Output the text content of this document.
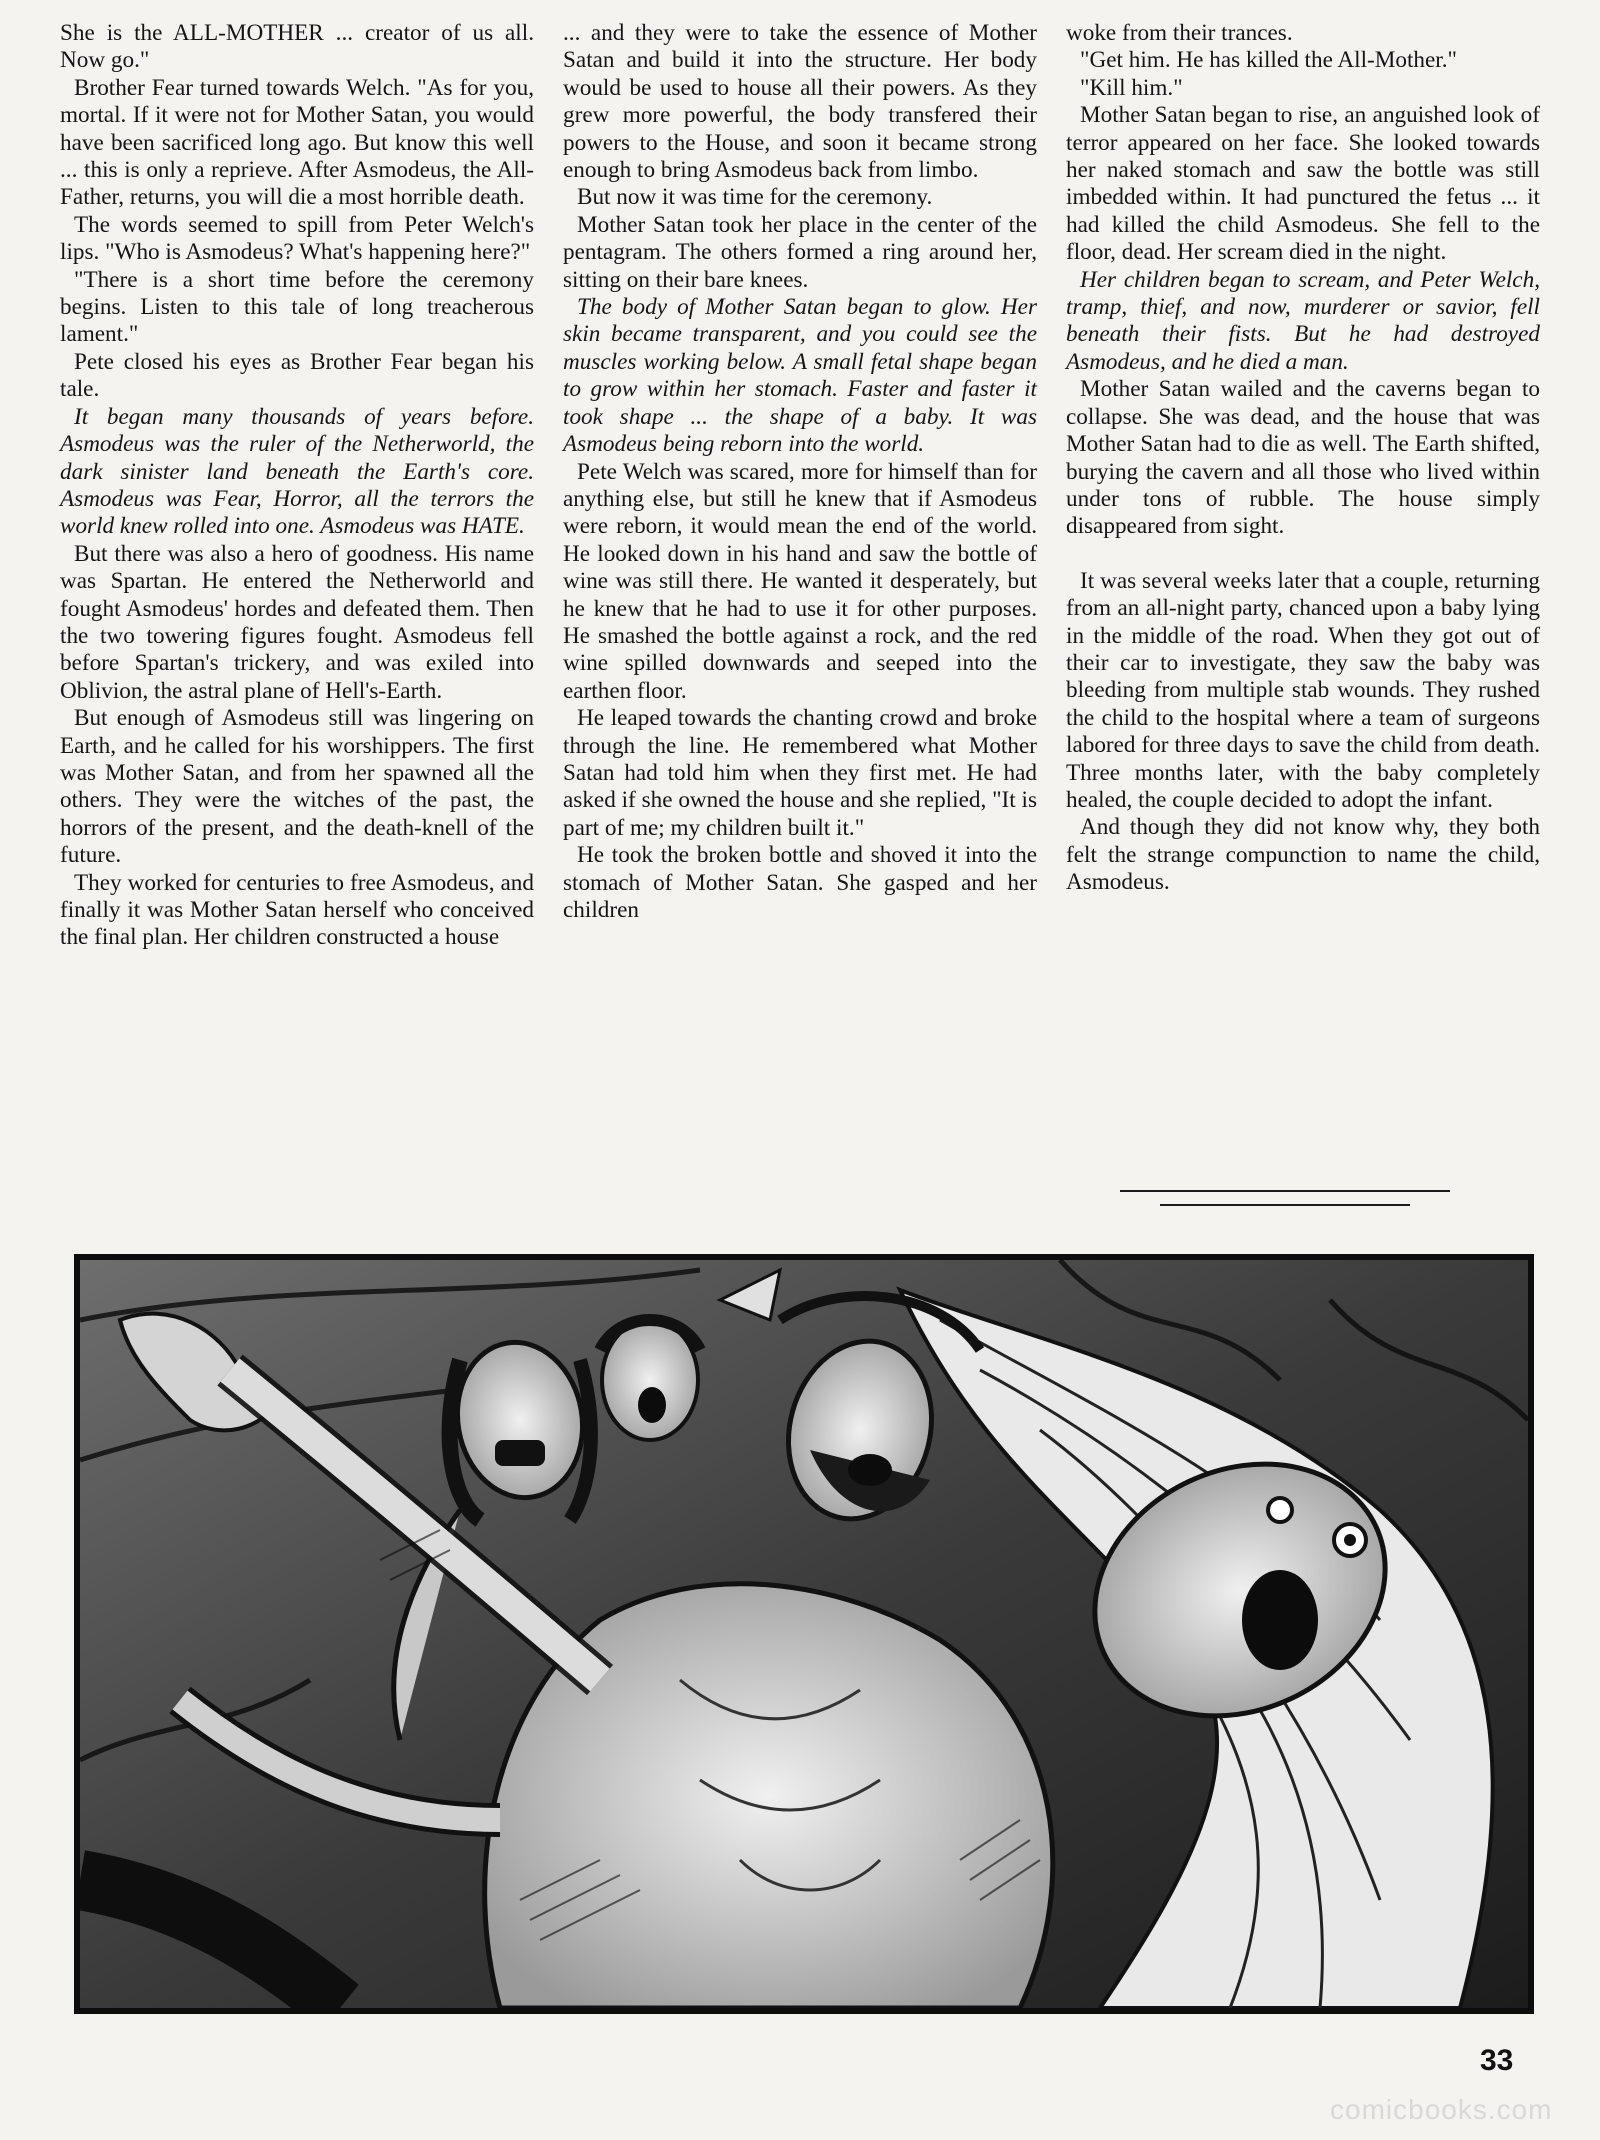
She is the ALL-MOTHER ... creator of us all. Now go."

Brother Fear turned towards Welch. "As for you, mortal. If it were not for Mother Satan, you would have been sacrificed long ago. But know this well ... this is only a reprieve. After Asmodeus, the All-Father, returns, you will die a most horrible death.

The words seemed to spill from Peter Welch's lips. "Who is Asmodeus? What's happening here?"

"There is a short time before the ceremony begins. Listen to this tale of long treacherous lament."

Pete closed his eyes as Brother Fear began his tale.

It began many thousands of years before. Asmodeus was the ruler of the Netherworld, the dark sinister land beneath the Earth's core. Asmodeus was Fear, Horror, all the terrors the world knew rolled into one. Asmodeus was HATE.

But there was also a hero of goodness. His name was Spartan. He entered the Netherworld and fought Asmodeus' hordes and defeated them. Then the two towering figures fought. Asmodeus fell before Spartan's trickery, and was exiled into Oblivion, the astral plane of Hell's-Earth.

But enough of Asmodeus still was lingering on Earth, and he called for his worshippers. The first was Mother Satan, and from her spawned all the others. They were the witches of the past, the horrors of the present, and the death-knell of the future.

They worked for centuries to free Asmodeus, and finally it was Mother Satan herself who conceived the final plan. Her children constructed a house

... and they were to take the essence of Mother Satan and build it into the structure. Her body would be used to house all their powers. As they grew more powerful, the body transfered their powers to the House, and soon it became strong enough to bring Asmodeus back from limbo.

But now it was time for the ceremony.

Mother Satan took her place in the center of the pentagram. The others formed a ring around her, sitting on their bare knees.

The body of Mother Satan began to glow. Her skin became transparent, and you could see the muscles working below. A small fetal shape began to grow within her stomach. Faster and faster it took shape ... the shape of a baby. It was Asmodeus being reborn into the world.

Pete Welch was scared, more for himself than for anything else, but still he knew that if Asmodeus were reborn, it would mean the end of the world. He looked down in his hand and saw the bottle of wine was still there. He wanted it desperately, but he knew that he had to use it for other purposes. He smashed the bottle against a rock, and the red wine spilled downwards and seeped into the earthen floor.

He leaped towards the chanting crowd and broke through the line. He remembered what Mother Satan had told him when they first met. He had asked if she owned the house and she replied, "It is part of me; my children built it."

He took the broken bottle and shoved it into the stomach of Mother Satan. She gasped and her children

woke from their trances.

"Get him. He has killed the All-Mother."

"Kill him."

Mother Satan began to rise, an anguished look of terror appeared on her face. She looked towards her naked stomach and saw the bottle was still imbedded within. It had punctured the fetus ... it had killed the child Asmodeus. She fell to the floor, dead. Her scream died in the night.

Her children began to scream, and Peter Welch, tramp, thief, and now, murderer or savior, fell beneath their fists. But he had destroyed Asmodeus, and he died a man.

Mother Satan wailed and the caverns began to collapse. She was dead, and the house that was Mother Satan had to die as well. The Earth shifted, burying the cavern and all those who lived within under tons of rubble. The house simply disappeared from sight.

It was several weeks later that a couple, returning from an all-night party, chanced upon a baby lying in the middle of the road. When they got out of their car to investigate, they saw the baby was bleeding from multiple stab wounds. They rushed the child to the hospital where a team of surgeons labored for three days to save the child from death. Three months later, with the baby completely healed, the couple decided to adopt the infant.

And though they did not know why, they both felt the strange compunction to name the child, Asmodeus.

33
comicbooks.com
